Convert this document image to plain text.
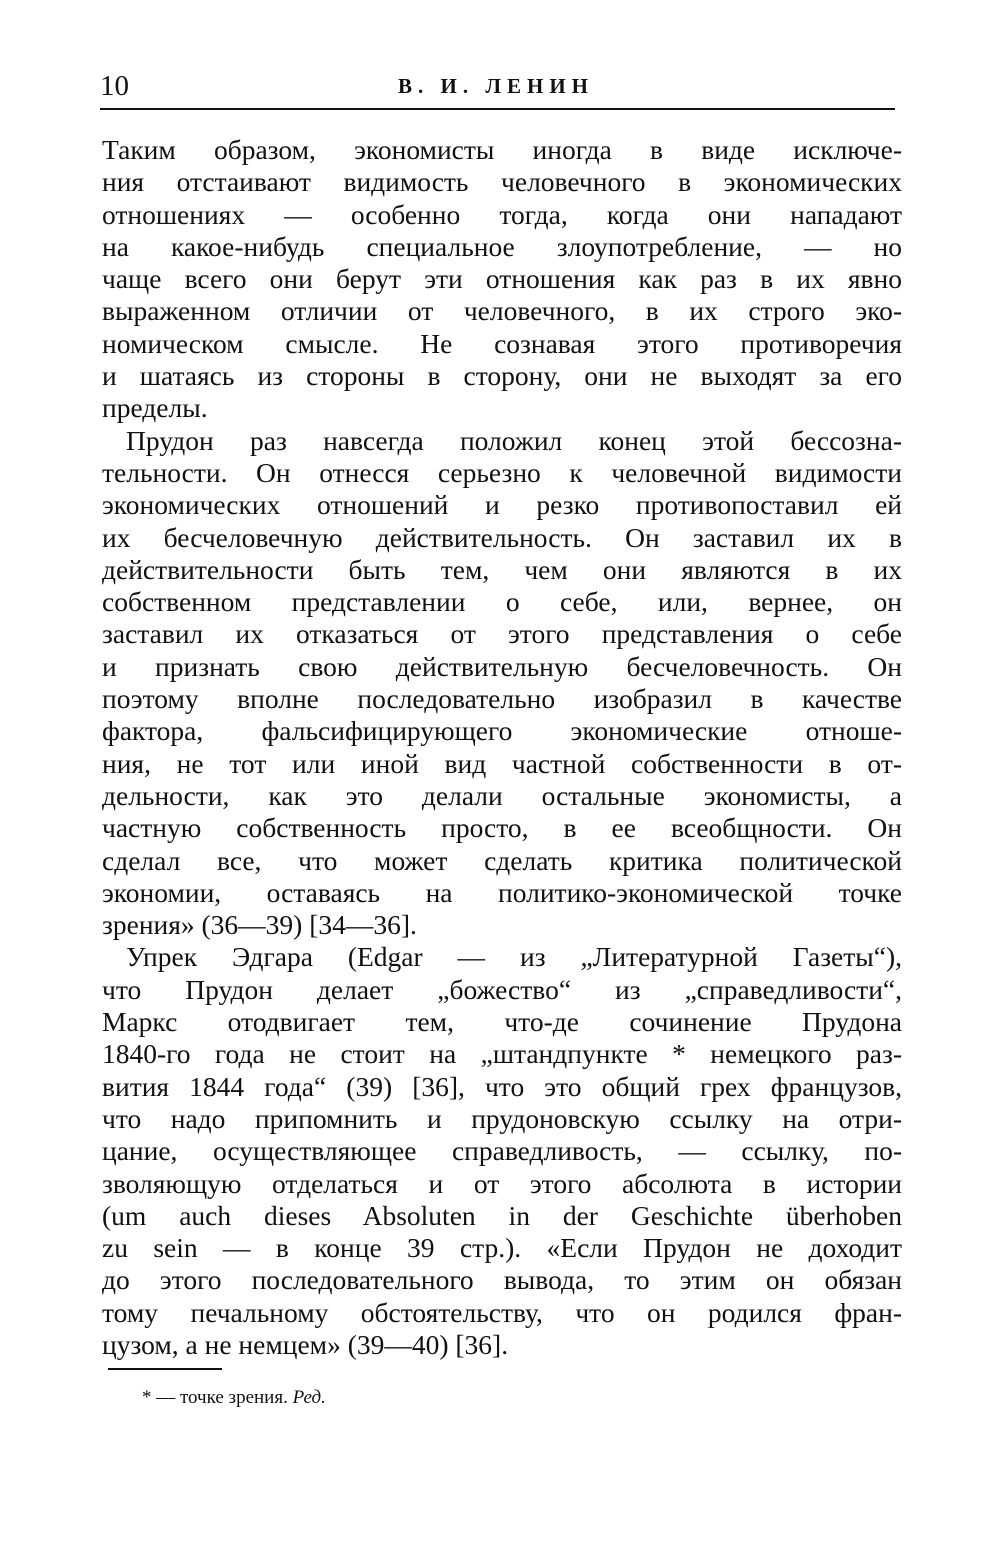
10	В. И. ЛЕНИН
Таким образом, экономисты иногда в виде исключе-
ния отстаивают видимость человечного в экономических
отношениях — особенно тогда, когда они нападают
на какое-нибудь специальное злоупотребление, — но
чаще всего они берут эти отношения как раз в их явно
выраженном отличии от человечного, в их строго эко-
номическом смысле. Не сознавая этого противоречия
и шатаясь из стороны в сторону, они не выходят за его
пределы.
Прудон раз навсегда положил конец этой бессозна-
тельности. Он отнесся серьезно к человечной видимости
экономических отношений и резко противопоставил ей
их бесчеловечную действительность. Он заставил их в
действительности быть тем, чем они являются в их
собственном представлении о себе, или, вернее, он
заставил их отказаться от этого представления о себе
и признать свою действительную бесчеловечность. Он
поэтому вполне последовательно изобразил в качестве
фактора, фальсифицирующего экономические отноше-
ния, не тот или иной вид частной собственности в от-
дельности, как это делали остальные экономисты, а
частную собственность просто, в ее всеобщности. Он
сделал все, что может сделать критика политической
экономии, оставаясь на политико-экономической точке
зрения» (36—39) [34—36].
Упрек Эдгара (Edgar — из „Литературной Газеты“),
что Прудон делает „божество“ из „справедливости“,
Маркс отодвигает тем, что-де сочинение Прудона
1840-го года не стоит на „штандпункте * немецкого раз-
вития 1844 года“ (39) [36], что это общий грех французов,
что надо припомнить и прудоновскую ссылку на отри-
цание, осуществляющее справедливость, — ссылку, по-
зволяющую отделаться и от этого абсолюта в истории
(um auch dieses Absoluten in der Geschichte überhoben
zu sein — в конце 39 стр.). «Если Прудон не доходит
до этого последовательного вывода, то этим он обязан
тому печальному обстоятельству, что он родился фран-
цузом, а не немцем» (39—40) [36].
* — точке зрения. Ред.
